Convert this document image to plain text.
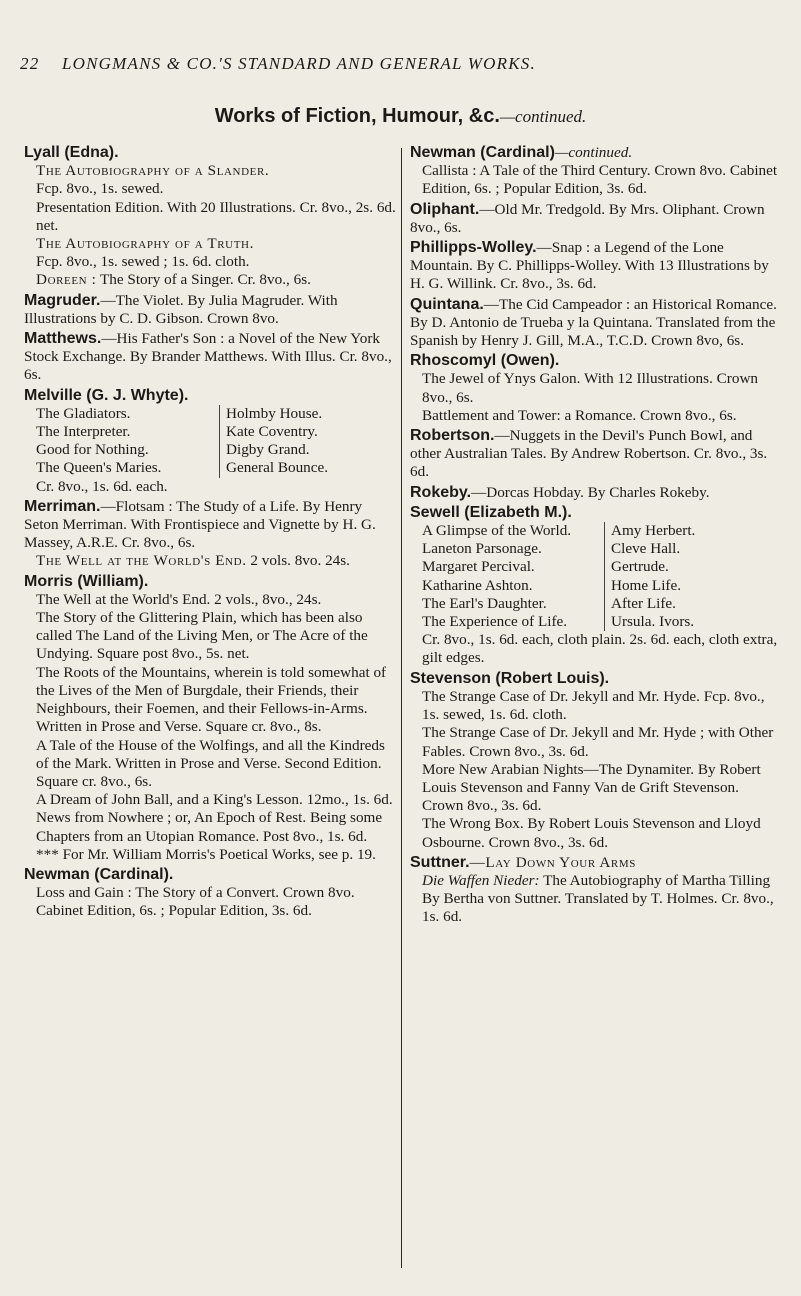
22 LONGMANS & CO.'S STANDARD AND GENERAL WORKS.
Works of Fiction, Humour, &c.—continued.
Lyall (Edna).
The Autobiography of a Slander.
Fcp. 8vo., 1s. sewed.
Presentation Edition. With 20 Illustrations. Cr. 8vo., 2s. 6d. net.
The Autobiography of a Truth.
Fcp. 8vo., 1s. sewed ; 1s. 6d. cloth.
Doreen : The Story of a Singer. Cr. 8vo., 6s.
Magruder.—The Violet. By Julia Magruder. With Illustrations by C. D. Gibson. Crown 8vo.
Matthews.—His Father's Son : a Novel of the New York Stock Exchange. By Brander Matthews. With Illus. Cr. 8vo., 6s.
Melville (G. J. Whyte).
The Gladiators.	Holmby House.
The Interpreter.	Kate Coventry.
Good for Nothing.	Digby Grand.
The Queen's Maries.	General Bounce.
Cr. 8vo., 1s. 6d. each.
Merriman.—Flotsam : The Study of a Life. By Henry Seton Merriman. With Frontispiece and Vignette by H. G. Massey, A.R.E. Cr. 8vo., 6s.
The Well at the World's End. 2 vols. 8vo. 24s.
Morris (William).
The Well at the World's End. 2 vols., 8vo., 24s.
The Story of the Glittering Plain, which has been also called The Land of the Living Men, or The Acre of the Undying. Square post 8vo., 5s. net.
The Roots of the Mountains, wherein is told somewhat of the Lives of the Men of Burgdale, their Friends, their Neighbours, their Foemen, and their Fellows-in-Arms. Written in Prose and Verse. Square cr. 8vo., 8s.
A Tale of the House of the Wolfings, and all the Kindreds of the Mark. Written in Prose and Verse. Second Edition. Square cr. 8vo., 6s.
A Dream of John Ball, and a King's Lesson. 12mo., 1s. 6d.
News from Nowhere ; or, An Epoch of Rest. Being some Chapters from an Utopian Romance. Post 8vo., 1s. 6d.
*** For Mr. William Morris's Poetical Works, see p. 19.
Newman (Cardinal).
Loss and Gain : The Story of a Convert. Crown 8vo. Cabinet Edition, 6s. ; Popular Edition, 3s. 6d.
Newman (Cardinal)—continued.
Callista : A Tale of the Third Century. Crown 8vo. Cabinet Edition, 6s. ; Popular Edition, 3s. 6d.
Oliphant.—Old Mr. Tredgold. By Mrs. Oliphant. Crown 8vo., 6s.
Phillipps-Wolley.—Snap : a Legend of the Lone Mountain. By C. Phillipps-Wolley. With 13 Illustrations by H. G. Willink. Cr. 8vo., 3s. 6d.
Quintana.—The Cid Campeador : an Historical Romance. By D. Antonio de Trueba y la Quintana. Translated from the Spanish by Henry J. Gill, M.A., T.C.D. Crown 8vo, 6s.
Rhoscomyl (Owen).
The Jewel of Ynys Galon. With 12 Illustrations. Crown 8vo., 6s.
Battlement and Tower: a Romance. Crown 8vo., 6s.
Robertson.—Nuggets in the Devil's Punch Bowl, and other Australian Tales. By Andrew Robertson. Cr. 8vo., 3s. 6d.
Rokeby.—Dorcas Hobday. By Charles Rokeby.
Sewell (Elizabeth M.).
A Glimpse of the World.	Amy Herbert.
Laneton Parsonage.	Cleve Hall.
Margaret Percival.	Gertrude.
Katharine Ashton.	Home Life.
The Earl's Daughter.	After Life.
The Experience of Life.	Ursula. Ivors.
Cr. 8vo., 1s. 6d. each, cloth plain. 2s. 6d. each, cloth extra, gilt edges.
Stevenson (Robert Louis).
The Strange Case of Dr. Jekyll and Mr. Hyde. Fcp. 8vo., 1s. sewed, 1s. 6d. cloth.
The Strange Case of Dr. Jekyll and Mr. Hyde ; with Other Fables. Crown 8vo., 3s. 6d.
More New Arabian Nights—The Dynamiter. By Robert Louis Stevenson and Fanny Van de Grift Stevenson. Crown 8vo., 3s. 6d.
The Wrong Box. By Robert Louis Stevenson and Lloyd Osbourne. Crown 8vo., 3s. 6d.
Suttner.—Lay Down Your Arms
Die Waffen Nieder: The Autobiography of Martha Tilling By Bertha von Suttner. Translated by T. Holmes. Cr. 8vo., 1s. 6d.
